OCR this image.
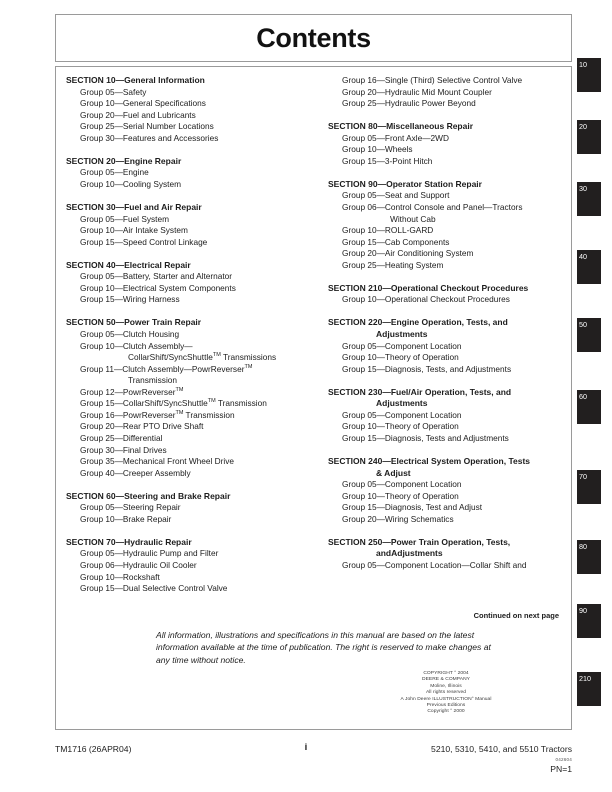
Contents
SECTION 10—General Information
Group 05—Safety
Group 10—General Specifications
Group 20—Fuel and Lubricants
Group 25—Serial Number Locations
Group 30—Features and Accessories
SECTION 20—Engine Repair
Group 05—Engine
Group 10—Cooling System
SECTION 30—Fuel and Air Repair
Group 05—Fuel System
Group 10—Air Intake System
Group 15—Speed Control Linkage
SECTION 40—Electrical Repair
Group 05—Battery, Starter and Alternator
Group 10—Electrical System Components
Group 15—Wiring Harness
SECTION 50—Power Train Repair
Group 05—Clutch Housing
Group 10—Clutch Assembly—
CollarShift/SyncShuttle™ Transmissions
Group 11—Clutch Assembly—PowrReverser™
Transmission
Group 12—PowrReverser™
Group 15—CollarShift/SyncShuttle™ Transmission
Group 16—PowrReverser™ Transmission
Group 20—Rear PTO Drive Shaft
Group 25—Differential
Group 30—Final Drives
Group 35—Mechanical Front Wheel Drive
Group 40—Creeper Assembly
SECTION 60—Steering and Brake Repair
Group 05—Steering Repair
Group 10—Brake Repair
SECTION 70—Hydraulic Repair
Group 05—Hydraulic Pump and Filter
Group 06—Hydraulic Oil Cooler
Group 10—Rockshaft
Group 15—Dual Selective Control Valve
Group 16—Single (Third) Selective Control Valve
Group 20—Hydraulic Mid Mount Coupler
Group 25—Hydraulic Power Beyond
SECTION 80—Miscellaneous Repair
Group 05—Front Axle—2WD
Group 10—Wheels
Group 15—3-Point Hitch
SECTION 90—Operator Station Repair
Group 05—Seat and Support
Group 06—Control Console and Panel—Tractors
Without Cab
Group 10—ROLL-GARD
Group 15—Cab Components
Group 20—Air Conditioning System
Group 25—Heating System
SECTION 210—Operational Checkout Procedures
Group 10—Operational Checkout Procedures
SECTION 220—Engine Operation, Tests, and
Adjustments
Group 05—Component Location
Group 10—Theory of Operation
Group 15—Diagnosis, Tests, and Adjustments
SECTION 230—Fuel/Air Operation, Tests, and
Adjustments
Group 05—Component Location
Group 10—Theory of Operation
Group 15—Diagnosis, Tests and Adjustments
SECTION 240—Electrical System Operation, Tests
& Adjust
Group 05—Component Location
Group 10—Theory of Operation
Group 15—Diagnosis, Test and Adjust
Group 20—Wiring Schematics
SECTION 250—Power Train Operation, Tests,
andAdjustments
Group 05—Component Location—Collar Shift and
Continued on next page
All information, illustrations and specifications in this manual are based on the latest information available at the time of publication. The right is reserved to make changes at any time without notice.
COPYRIGHT ° 2004
DEERE & COMPANY
Moline, Illinois
All rights reserved
A John Deere ILLUSTRUCTION° Manual
Previous Editions
Copyright ° 2000
10
20
30
40
50
60
70
80
90
210
TM1716 (26APR04)	i	5210, 5310, 5410, and 5510 Tractors
042604
PN=1
